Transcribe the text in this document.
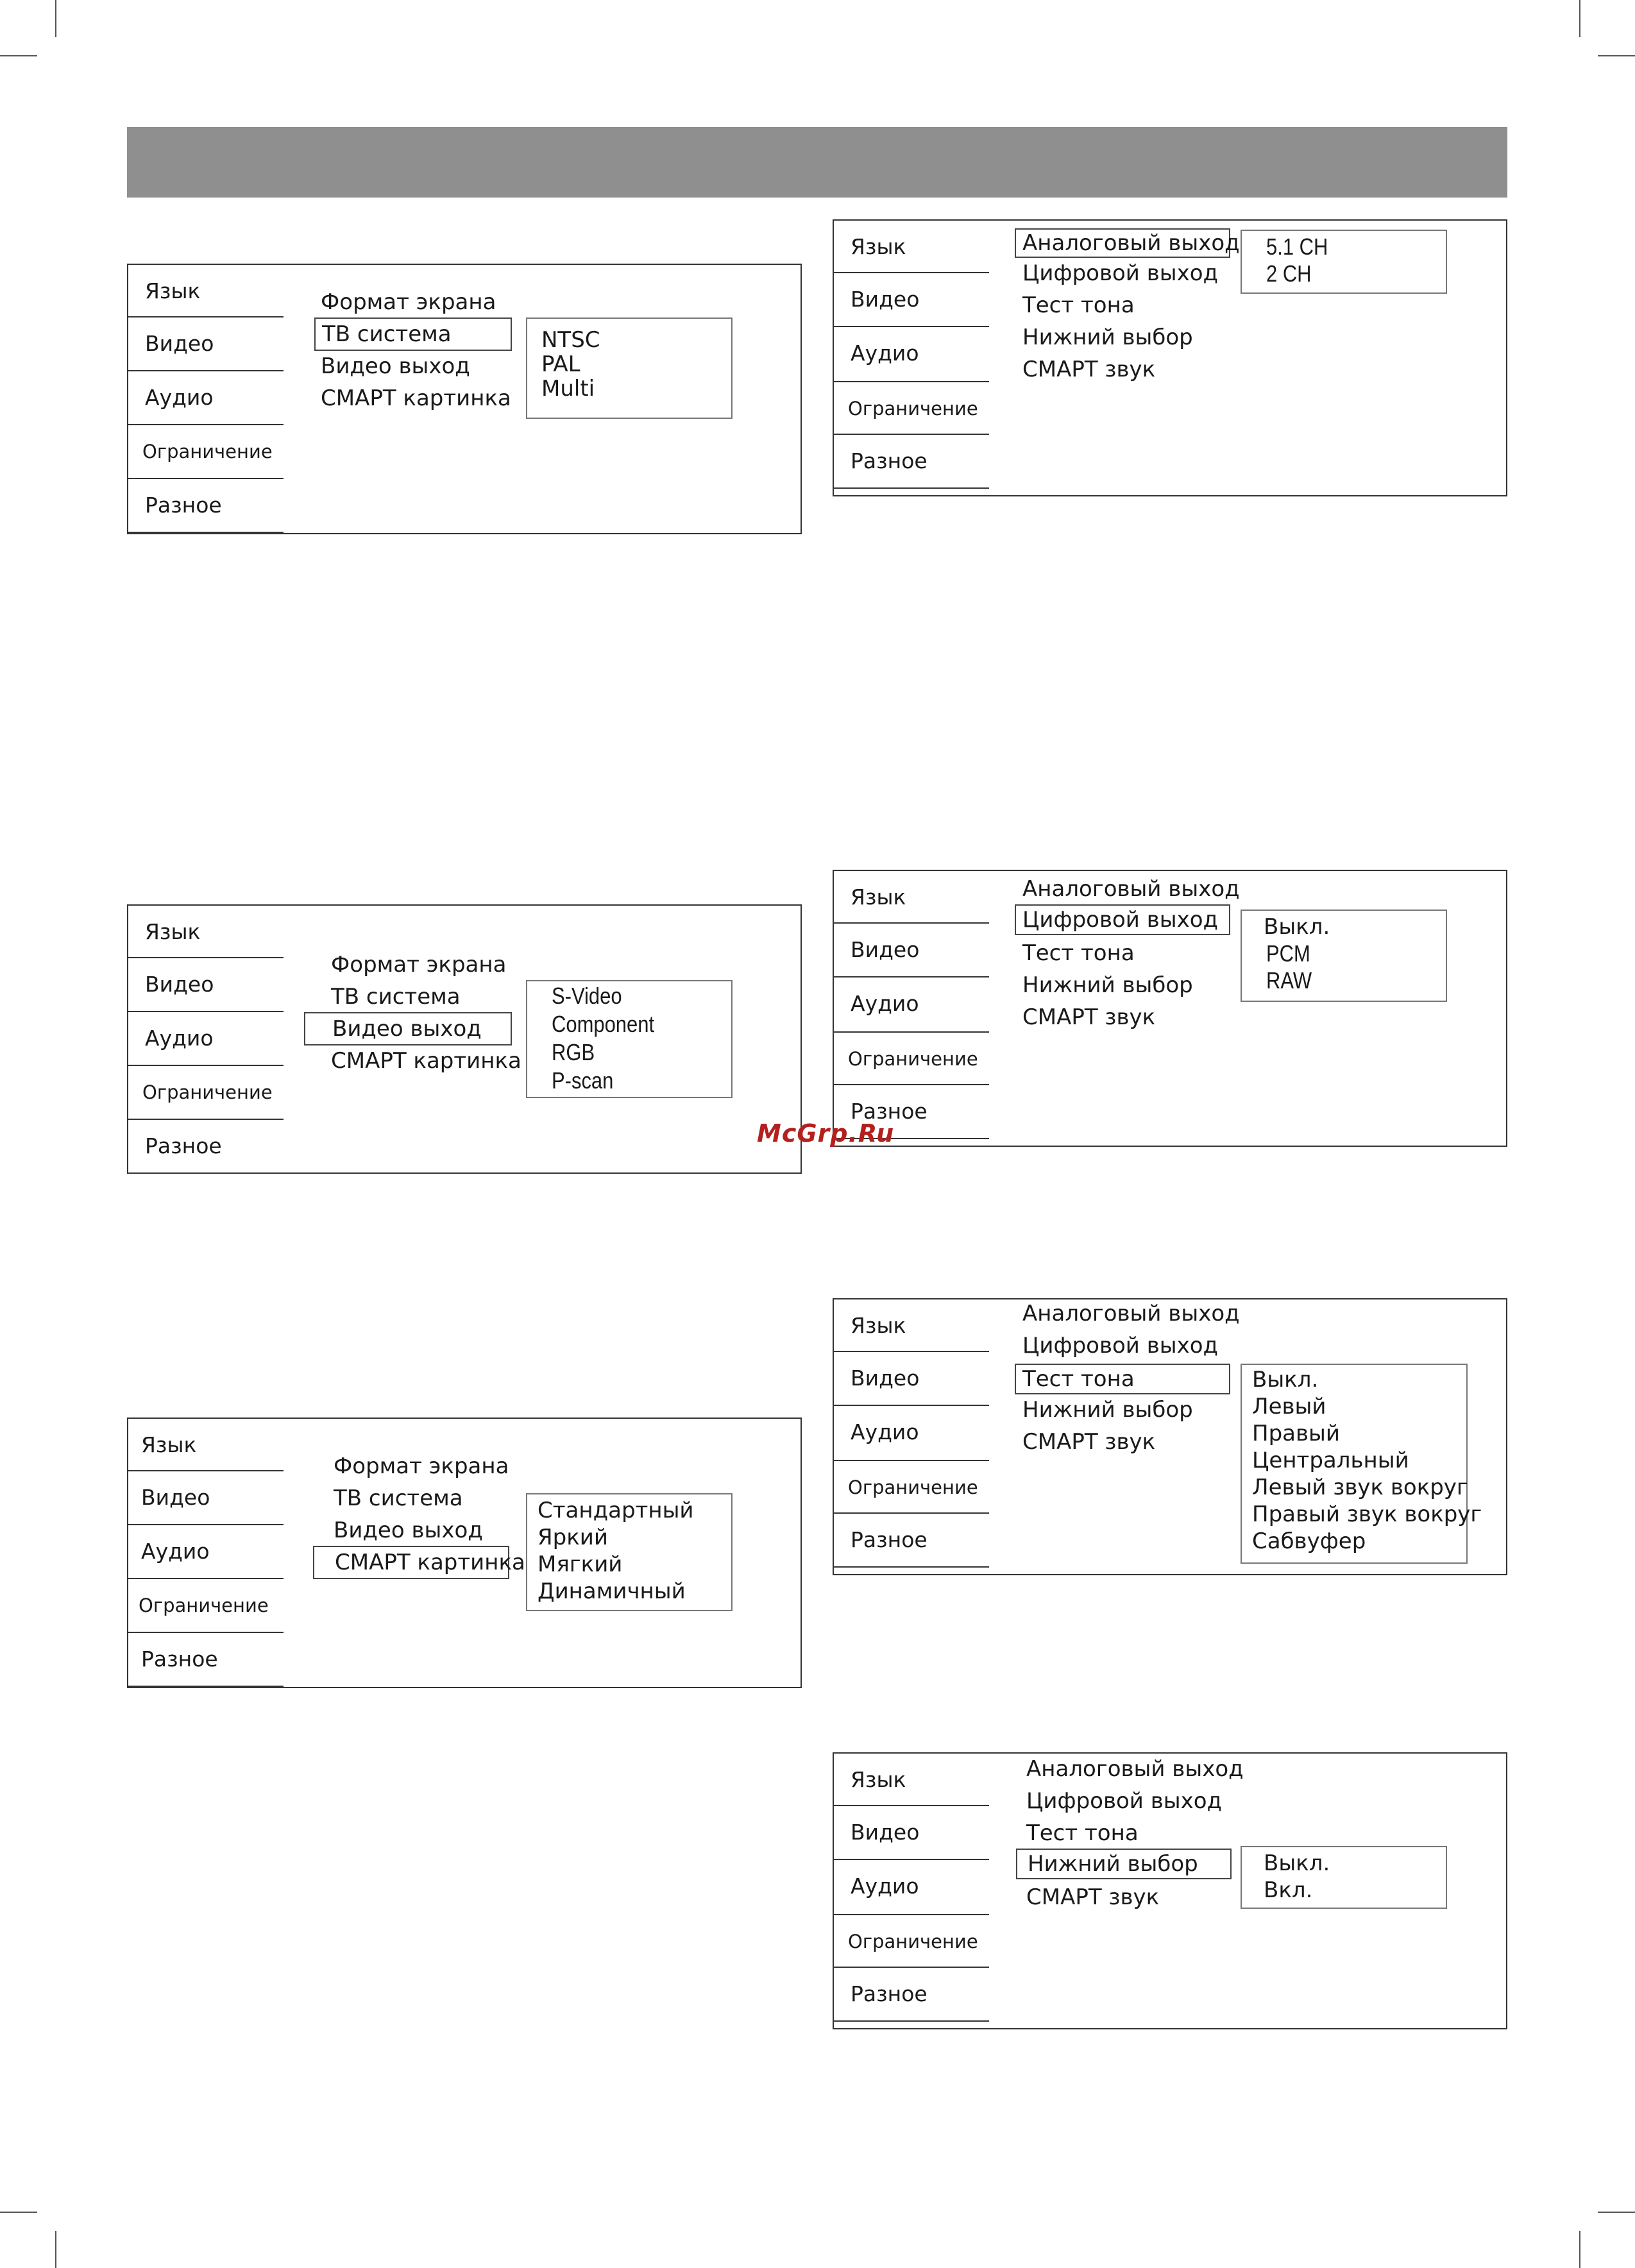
Язык
Видео
Аудио
Ограничение
Разное
Формат экрана
ТВ система
Видео выход
СМАРТ картинка
NTSC
PAL
Multi
Язык
Видео
Аудио
Ограничение
Разное
Формат экрана
ТВ система
Видео выход
СМАРТ картинка
S-Video
Component
RGB
P-scan
Язык
Видео
Аудио
Ограничение
Разное
Формат экрана
ТВ система
Видео выход
СМАРТ картинка
Стандартный
Яркий
Мягкий
Динамичный
Язык
Видео
Аудио
Ограничение
Разное
Аналоговый выход
Цифровой выход
Тест тона
Нижний выбор
СМАРТ звук
5.1 CH
2 CH
Язык
Видео
Аудио
Ограничение
Разное
Аналоговый выход
Цифровой выход
Тест тона
Нижний выбор
СМАРТ звук
Выкл.
PCM
RAW
McGrp.Ru
Язык
Видео
Аудио
Ограничение
Разное
Аналоговый выход
Цифровой выход
Тест тона
Нижний выбор
СМАРТ звук
Выкл.
Левый
Правый
Центральный
Левый звук вокруг
Правый звук вокруг
Сабвуфер
Язык
Видео
Аудио
Ограничение
Разное
Аналоговый выход
Цифровой выход
Тест тона
Нижний выбор
СМАРТ звук
Выкл.
Вкл.
